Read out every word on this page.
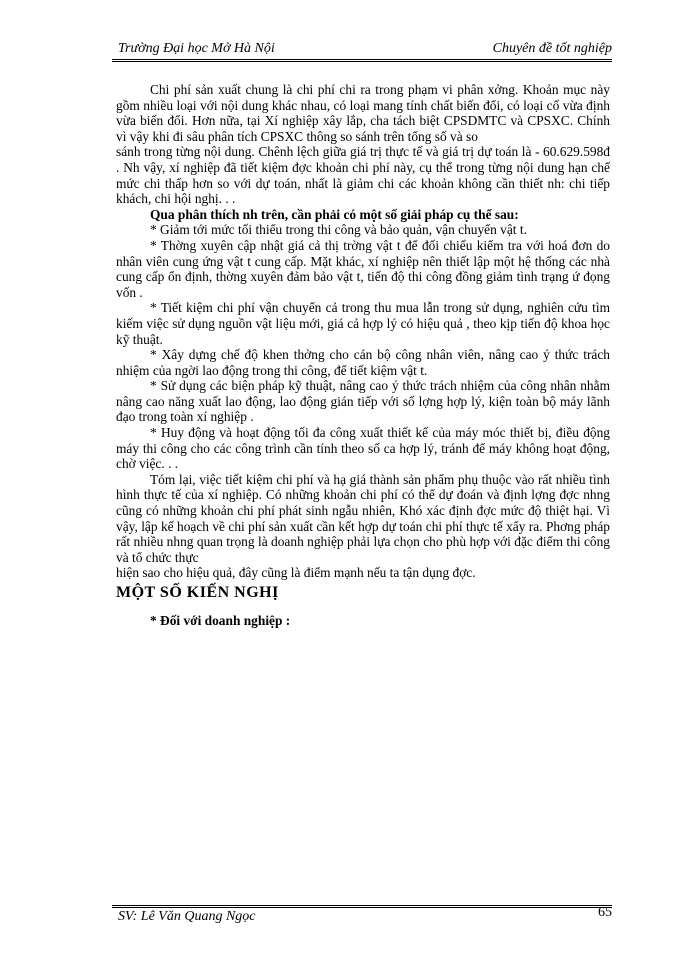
Trường Đại học Mở Hà Nội	Chuyên đề tốt nghiệp

Chi phí sản xuất chung là chi phí chi ra trong phạm vi phân xởng. Khoản mục này gồm nhiều loại với nội dung khác nhau, có loại mang tính chất biến đổi, có loại cố vừa định vừa biến đổi. Hơn nữa, tại Xí nghiệp xây lắp, cha tách biệt CPSDMTC và CPSXC. Chính vì vậy khi đi sâu phân tích CPSXC thông so sánh trên tổng số và so

sánh trong từng nội dung. Chênh lệch giữa giá trị thực tế và giá trị dự toán là - 60.629.598đ . Nh vậy, xí nghiệp đã tiết kiệm đợc khoản chi phí này, cụ thể trong từng nội dung hạn chế mức chi thấp hơn so với dự toán, nhất là giảm chi các khoản không cần thiết nh: chi tiếp khách, chi hội nghị. . .

Qua phân thích nh trên, cần phải có một số giải pháp cụ thể sau:

* Giảm tới mức tối thiểu trong thi công và bảo quản, vận chuyển vật t.

* Thờng xuyên cập nhật giá cả thị trờng vật t để đối chiếu kiểm tra với hoá đơn do nhân viên cung ứng vật t cung cấp. Mặt khác, xí nghiệp nên thiết lập một hệ thống các nhà cung cấp ổn định, thờng xuyên đảm bảo vật t, tiến độ thi công đồng giảm tình trạng ứ đọng vốn .

* Tiết kiệm chi phí vận chuyển cả trong thu mua lẫn trong sử dụng, nghiên cứu tìm kiếm việc sử dụng nguồn vật liệu mới, giá cả hợp lý có hiệu quả , theo kịp tiến độ khoa học kỹ thuật.

* Xây dựng chế độ khen thởng cho cán bộ công nhân viên, nâng cao ý thức trách nhiệm của ngời lao động trong thi công, để tiết kiệm vật t.

* Sử dụng các biện pháp kỹ thuật, nâng cao ý thức trách nhiệm của công nhân nhằm nâng cao năng xuất lao động, lao động gián tiếp với số lợng hợp lý, kiện toàn bộ máy lãnh đạo trong toàn xí nghiệp .

* Huy động và hoạt động tối đa công xuất thiết kế của máy móc thiết bị, điều động máy thi công cho các công trình cần tính theo số ca hợp lý, tránh để máy không hoạt động, chờ việc. . .

Tóm lại, việc tiết kiệm chi phí và hạ giá thành sản phẩm phụ thuộc vào rất nhiều tình hình thực tế của xí nghiệp. Có những khoản chi phí có thể dự đoán và định lợng đợc nhng cũng có những khoản chi phí phát sinh ngẫu nhiên, Khó xác định đợc mức độ thiệt hại. Vì vậy, lập kế hoạch về chi phí sản xuất cần kết hợp dự toán chi phí thực tế xẩy ra. Phơng pháp rất nhiều nhng quan trọng là doanh nghiệp phải lựa chọn cho phù hợp với đặc điểm thi công và tổ chức thực

hiện sao cho hiệu quả, đây cũng là điểm mạnh nếu ta tận dụng đợc.

MỘT SỐ KIẾN NGHỊ

* Đối với doanh nghiệp :

SV: Lê Văn Quang Ngọc	65
